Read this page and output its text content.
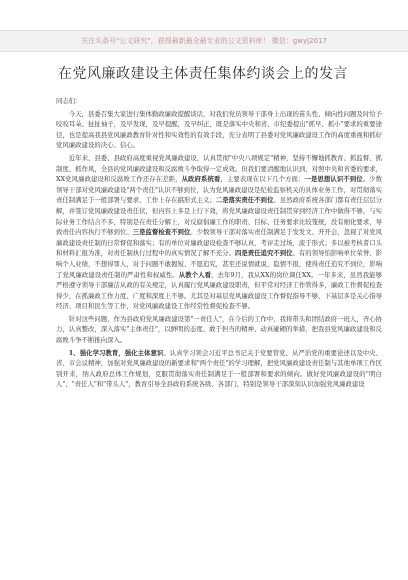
关注头条号"公文研究"，获得最新最全最专业的公文资料库！ 微信：gwyj2017
在党风廉政建设主体责任集体约谈会上的发言

同志们：

今天，县委召集大家进行集体勤政廉政提醒谈话，对我们党员领导干部身上出现的苗头性、倾向性问题及时给予咬咬耳朵、扯扯袖子，及早发现，及早提醒，及早纠正，既是落实中央和省、市纪委提出"抓早、抓小"要求的重要途径，也是提高我县党风廉政教育针对性和实效性的有效手段，充分表明了县委对党风廉政建设工作的高度重视和抓好党风廉政建设的决心、信心。

近年来，县委、县政府高度重视党风廉政建设，认真贯彻"中央八项规定"精神，坚持不懈地抓教育、抓监督、抓制度、抓作风，全县的党风廉政建设和反腐败斗争取得一定成效。但我们要清醒地认识到，对照中央和省委的要求，XX党风廉政建设和反腐败工作还存在差距，从政府系统看，主要表现在以下几个方面：一是思想认识不到位。少数领导干部对党风廉政建设"两个责任"认识不够到位，认为党风廉政建设是纪检监察机关的具体业务工作，对贯彻落实责任制满足于一般部署与要求，工作上存在搞形式主义；二是落实责任不到位。虽然政府系统各部门都有责任层层分解，并签订党风廉政建设责任状，但内容上多是上行下效，将党风廉政建设责任制贯穿到经济工作中做得不够，与实际业务工作结合不多，特别是在责任分解上，对反腐倡廉工作的职责、目标、任务要求比较笼统，没有细化要求，导致责任内容执行不够到位。三是监督检查不到位。少数领导干部对落实责任制满足于发发文、开开会，忽视了对党风廉政建设责任制的日常督促和落实；有的单位对廉政建设检查不够认真，考评走过场，流于形式；多以被考核者口头和材料汇报为准，对责任制执行过程中的真实情况了解不充分。四是责任追究不到位。有的领导怕影响单位荣誉、影响个人业绩，不想得罪人，对于问题不敢揭短、不愿追究，甚至还说情就说，隐情不报，使得责任追究不到位，影响了党风廉政建设责任制的严肃性和权威性。从教个人看，去年9月，我从XX的岗位调任XX。一年多来，虽然我能够严格遵守领导干部廉洁从政的有关规定，认真履行党风廉政建设职责，但平常对经济工作管得多，廉政工作督促检查得少，在抓廉政工作力度、广度和深度上不够。尤其是对基层党风廉政建设工作督促指导不够，下基层多是关心指导经济、项目和民生等工作，对党风廉政建设工作经常性督促检查不够。

针对这些问题，作为县政府党风廉政建设第"一责任人"，在今后的工作中，我将带头和团结政府一班人，齐心协力，认真整改，深入落实"主体责任"，以鲜明的态度、敢于担当的精神、动真碰硬的举措，把我县党风廉政建设和反腐败斗争不断推向深入。

1、强化学习教育，强化主体意识。认真学习领会习近平总书记关于党要管党、从严治党的重要论述以及中央、省、市会议精神，加强对党风廉政建设的新要求和"两个责任"的学习理解，把党风廉政建设责任制与其他单项工作区别开来，纳入政府总体工作规划，克服贯彻落实责任制满足于一般部署和要求的倾向。做好党风廉政建设的"明白人"、"责任人"和"带头人"，教育引导全县政府系统各级、各部门，特别是领导干部深刻认识加强党风廉政建设
